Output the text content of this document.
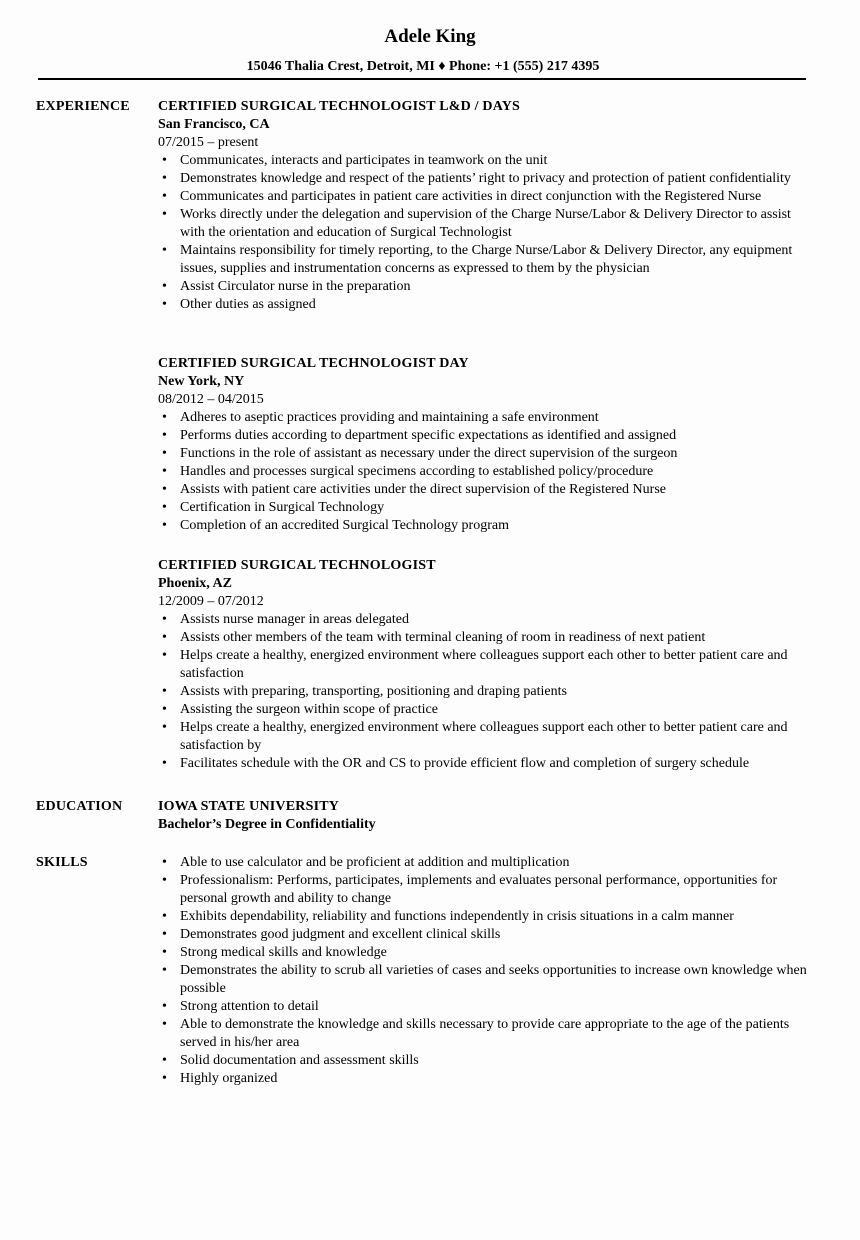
Adele King
15046 Thalia Crest, Detroit, MI ♦ Phone: +1 (555) 217 4395
EXPERIENCE CERTIFIED SURGICAL TECHNOLOGIST L&D / DAYS
San Francisco, CA
07/2015 – present
• Communicates, interacts and participates in teamwork on the unit
• Demonstrates knowledge and respect of the patients’ right to privacy and protection of patient confidentiality
• Communicates and participates in patient care activities in direct conjunction with the Registered Nurse
• Works directly under the delegation and supervision of the Charge Nurse/Labor & Delivery Director to assist with the orientation and education of Surgical Technologist
• Maintains responsibility for timely reporting, to the Charge Nurse/Labor & Delivery Director, any equipment issues, supplies and instrumentation concerns as expressed to them by the physician
• Assist Circulator nurse in the preparation
• Other duties as assigned
CERTIFIED SURGICAL TECHNOLOGIST DAY
New York, NY
08/2012 – 04/2015
• Adheres to aseptic practices providing and maintaining a safe environment
• Performs duties according to department specific expectations as identified and assigned
• Functions in the role of assistant as necessary under the direct supervision of the surgeon
• Handles and processes surgical specimens according to established policy/procedure
• Assists with patient care activities under the direct supervision of the Registered Nurse
• Certification in Surgical Technology
• Completion of an accredited Surgical Technology program
CERTIFIED SURGICAL TECHNOLOGIST
Phoenix, AZ
12/2009 – 07/2012
• Assists nurse manager in areas delegated
• Assists other members of the team with terminal cleaning of room in readiness of next patient
• Helps create a healthy, energized environment where colleagues support each other to better patient care and satisfaction
• Assists with preparing, transporting, positioning and draping patients
• Assisting the surgeon within scope of practice
• Helps create a healthy, energized environment where colleagues support each other to better patient care and satisfaction by
• Facilitates schedule with the OR and CS to provide efficient flow and completion of surgery schedule
EDUCATION	IOWA STATE UNIVERSITY
Bachelor’s Degree in Confidentiality
SKILLS	• Able to use calculator and be proficient at addition and multiplication
• Professionalism: Performs, participates, implements and evaluates personal performance, opportunities for personal growth and ability to change
• Exhibits dependability, reliability and functions independently in crisis situations in a calm manner
• Demonstrates good judgment and excellent clinical skills
• Strong medical skills and knowledge
• Demonstrates the ability to scrub all varieties of cases and seeks opportunities to increase own knowledge when possible
• Strong attention to detail
• Able to demonstrate the knowledge and skills necessary to provide care appropriate to the age of the patients served in his/her area
• Solid documentation and assessment skills
• Highly organized
